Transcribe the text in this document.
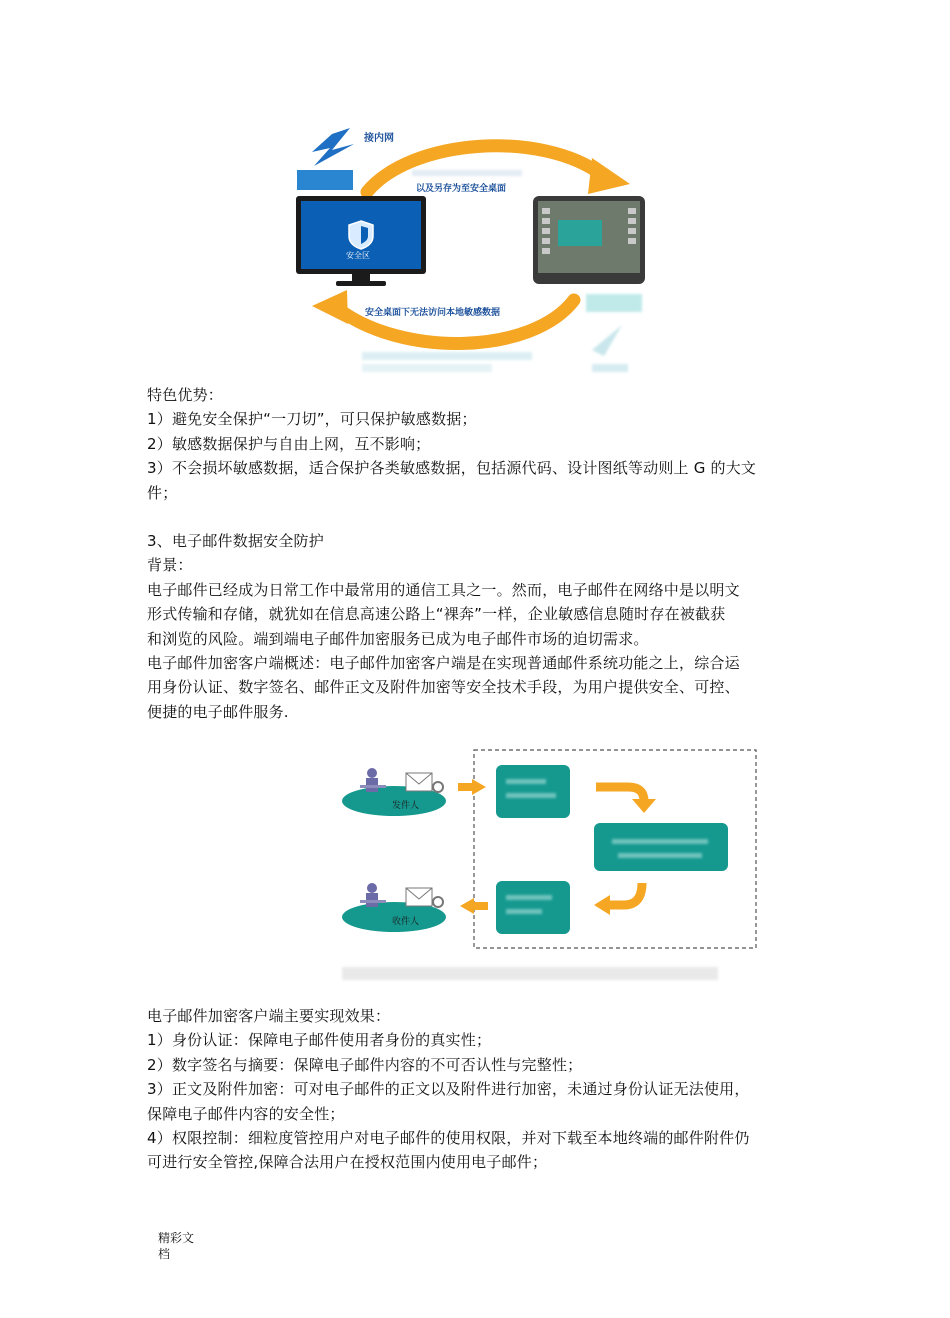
接内网
以及另存为至安全桌面
安全区
安全桌面下无法访问本地敏感数据
特色优势：
1）避免安全保护“一刀切”，可只保护敏感数据；
2）敏感数据保护与自由上网，互不影响；
3）不会损坏敏感数据，适合保护各类敏感数据，包括源代码、设计图纸等动则上 G 的大文
件；
3、电子邮件数据安全防护
背景：
电子邮件已经成为日常工作中最常用的通信工具之一。然而，电子邮件在网络中是以明文
形式传输和存储，就犹如在信息高速公路上“裸奔”一样，企业敏感信息随时存在被截获
和浏览的风险。端到端电子邮件加密服务已成为电子邮件市场的迫切需求。
电子邮件加密客户端概述：电子邮件加密客户端是在实现普通邮件系统功能之上，综合运
用身份认证、数字签名、邮件正文及附件加密等安全技术手段，为用户提供安全、可控、
便捷的电子邮件服务.
发件人
收件人
电子邮件加密客户端主要实现效果：
1）身份认证：保障电子邮件使用者身份的真实性；
2）数字签名与摘要：保障电子邮件内容的不可否认性与完整性；
3）正文及附件加密：可对电子邮件的正文以及附件进行加密，未通过身份认证无法使用，
保障电子邮件内容的安全性；
4）权限控制：细粒度管控用户对电子邮件的使用权限，并对下载至本地终端的邮件附件仍
可进行安全管控,保障合法用户在授权范围内使用电子邮件；
精彩文
档
